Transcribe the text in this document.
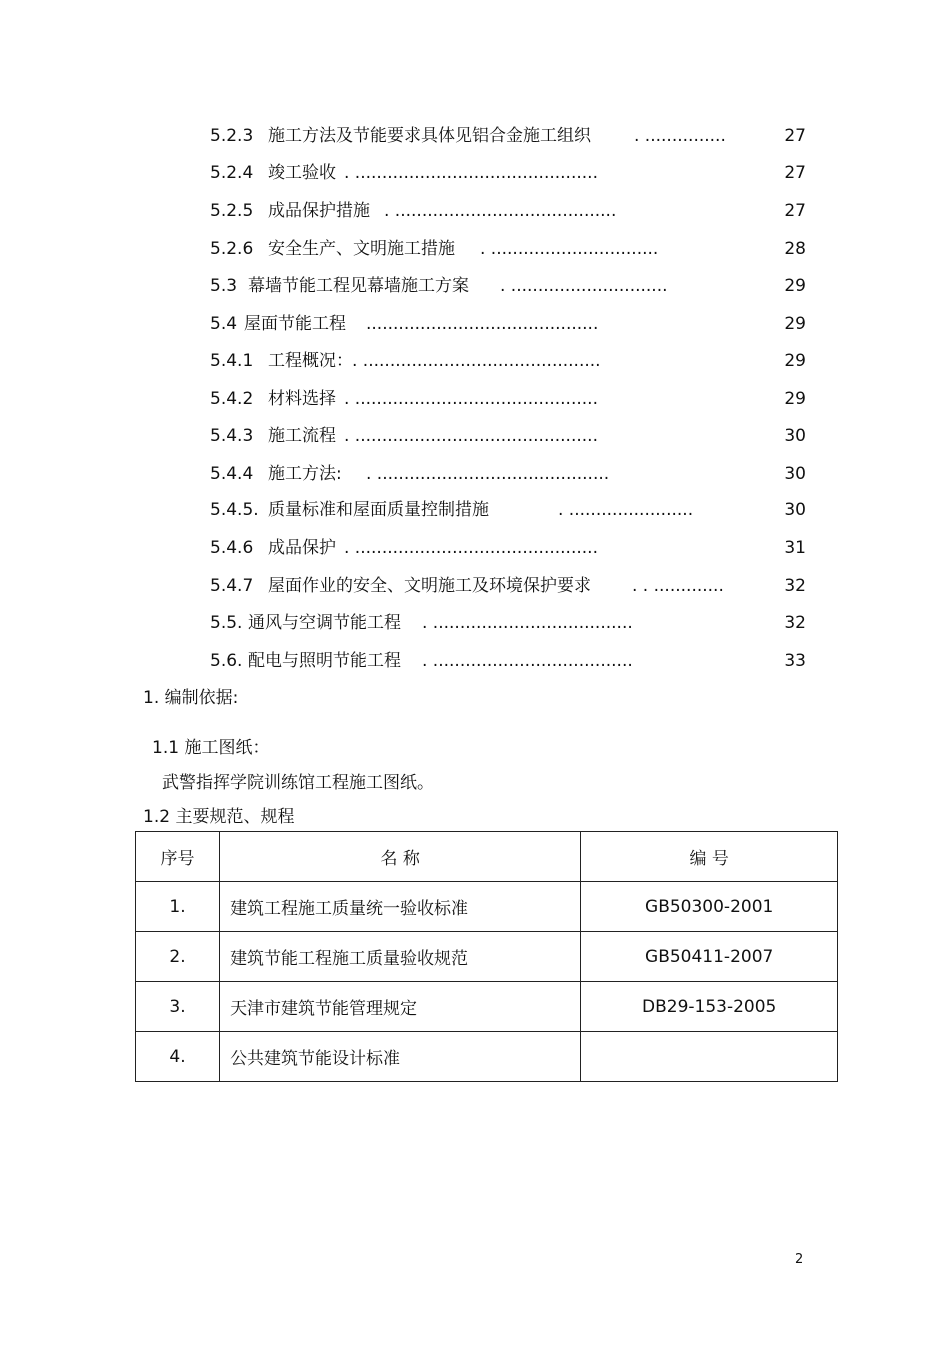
5.2.3 施工方法及节能要求具体见铝合金施工组织	. ...............	27
5.2.4 竣工验收 . .............................................	27
5.2.5 成品保护措施 . .........................................	27
5.2.6 安全生产、文明施工措施 . ...............................	28
5.3 幕墙节能工程见幕墙施工方案 . .............................	29
5.4 屋面节能工程 ...........................................	29
5.4.1 工程概况： . ............................................	29
5.4.2 材料选择 . .............................................	29
5.4.3 施工流程 . .............................................	30
5.4.4 施工方法: . ...........................................	30
5.4.5. 质量标准和屋面质量控制措施	. .......................	30
5.4.6 成品保护 . .............................................	31
5.4.7 屋面作业的安全、文明施工及环境保护要求 . . .............	32
5.5. 通风与空调节能工程 . .....................................	32
5.6. 配电与照明节能工程 . .....................................	33
1. 编制依据:
1.1 施工图纸：
武警指挥学院训练馆工程施工图纸。
1.2 主要规范、规程
序号	名 称	编 号
1.	建筑工程施工质量统一验收标准	GB50300-2001
2.	建筑节能工程施工质量验收规范	GB50411-2007
3.	天津市建筑节能管理规定	DB29-153-2005
4.	公共建筑节能设计标准	
2
